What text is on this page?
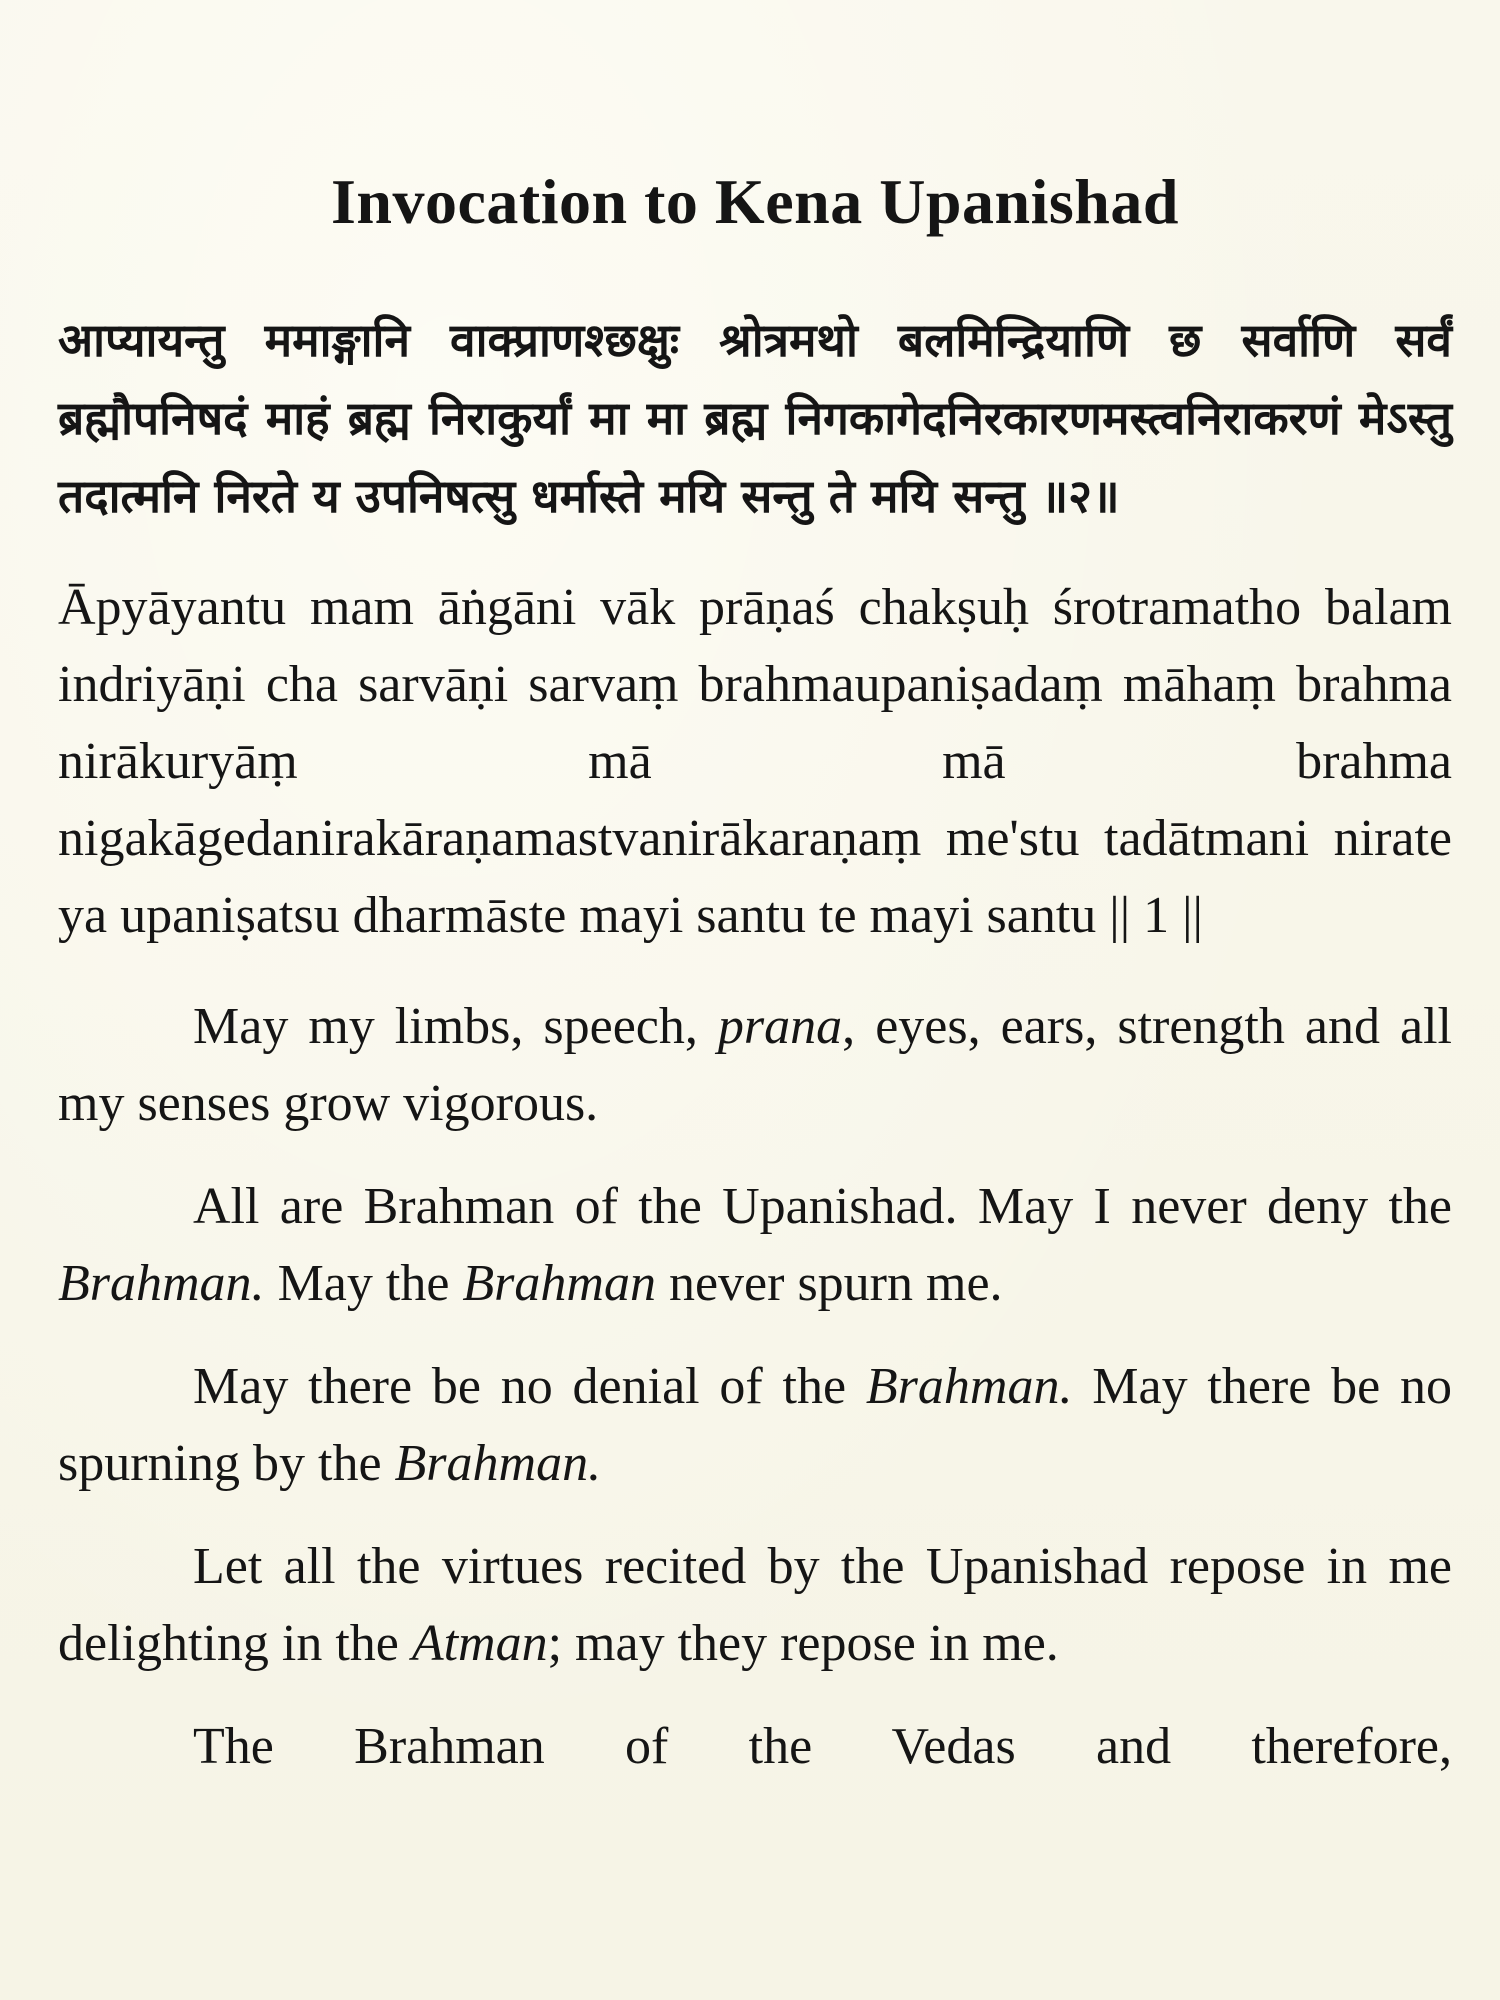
Invocation to Kena Upanishad

आप्यायन्तु ममाङ्गानि वाक्प्राणश्छक्षुः श्रोत्रमथो बलमिन्द्रियाणि छ सर्वाणि सर्वं ब्रह्मौपनिषदं माहं ब्रह्म निराकुर्यां मा मा ब्रह्म निगकागेदनिरकारणमस्त्वनिराकरणं मेऽस्तु तदात्मनि निरते य उपनिषत्सु धर्मास्ते मयि सन्तु ते मयि सन्तु ॥२॥

Āpyāyantu mam āṅgāni vāk prāṇaś chakṣuḥ śrotramatho balam indriyāṇi cha sarvāṇi sarvaṃ brahmaupaniṣadaṃ māhaṃ brahma nirākuryāṃ mā mā brahma nigakāgedanirakāraṇamastvanirākaraṇaṃ me'stu tadātmani nirate ya upaniṣatsu dharmāste mayi santu te mayi santu || 1 ||

May my limbs, speech, prana, eyes, ears, strength and all my senses grow vigorous.

All are Brahman of the Upanishad. May I never deny the Brahman. May the Brahman never spurn me.

May there be no denial of the Brahman. May there be no spurning by the Brahman.

Let all the virtues recited by the Upanishad repose in me delighting in the Atman; may they repose in me.

The Brahman of the Vedas and therefore,
